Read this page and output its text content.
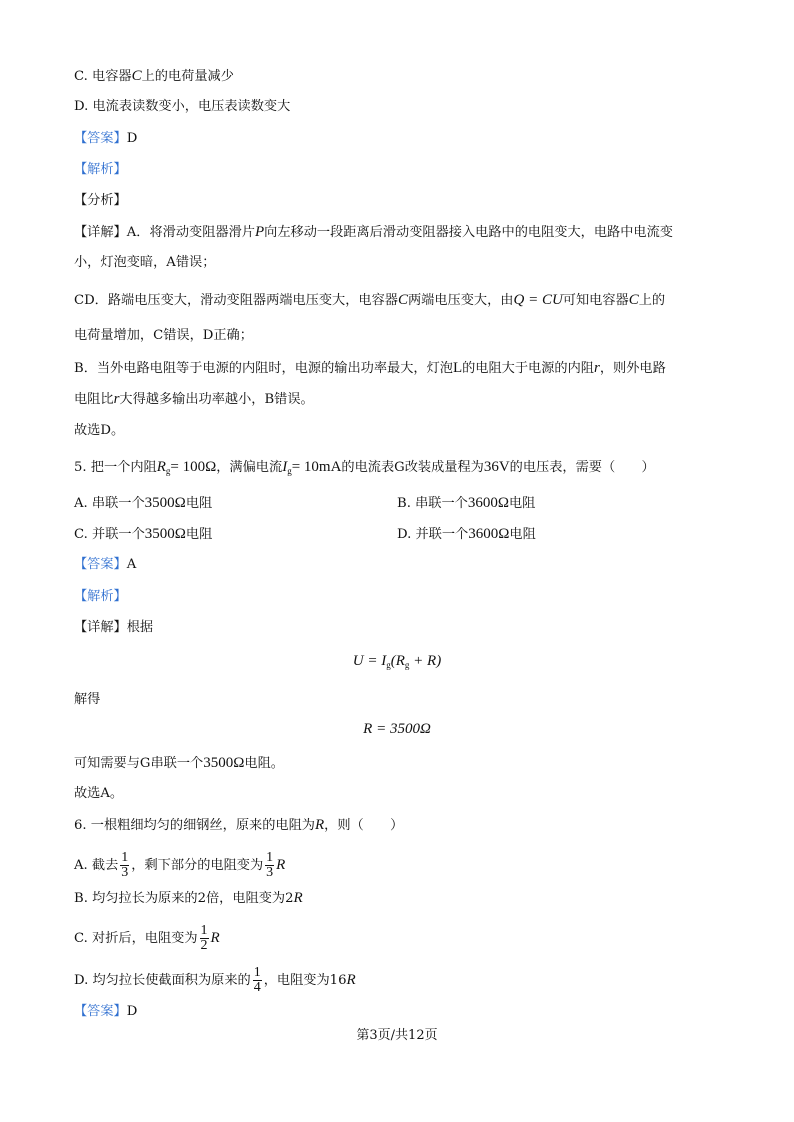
C. 电容器C上的电荷量减少
D. 电流表读数变小，电压表读数变大
【答案】D
【解析】
【分析】
【详解】A．将滑动变阻器滑片P向左移动一段距离后滑动变阻器接入电路中的电阻变大，电路中电流变
小，灯泡变暗，A错误；
CD．路端电压变大，滑动变阻器两端电压变大，电容器C两端电压变大，由Q = CU可知电容器C上的
电荷量增加，C错误，D正确；
B．当外电路电阻等于电源的内阻时，电源的输出功率最大，灯泡L的电阻大于电源的内阻r，则外电路
电阻比r大得越多输出功率越小，B错误。
故选D。
5. 把一个内阻$R_g= 100\Omega$，满偏电流$I_g= 10mA$的电流表G改装成量程为36V的电压表，需要（　　）
A. 串联一个3500Ω电阻	B. 串联一个3600Ω电阻
C. 并联一个3500Ω电阻	D. 并联一个3600Ω电阻
【答案】A
【解析】
【详解】根据
$U = I_g(R_g + R)$
解得
R = 3500Ω
可知需要与G串联一个3500Ω电阻。
故选A。
6. 一根粗细均匀的细钢丝，原来的电阻为R，则（　　）
A. 截去 $\frac{1}{3}$ ，剩下部分的电阻变为 $\frac{1}{3}$ R
B. 均匀拉长为原来的2倍，电阻变为2R
C. 对折后，电阻变为 $\frac{1}{2}$ R
D. 均匀拉长使截面积为原来的 $\frac{1}{4}$ ，电阻变为16R
【答案】D
第3页/共12页
